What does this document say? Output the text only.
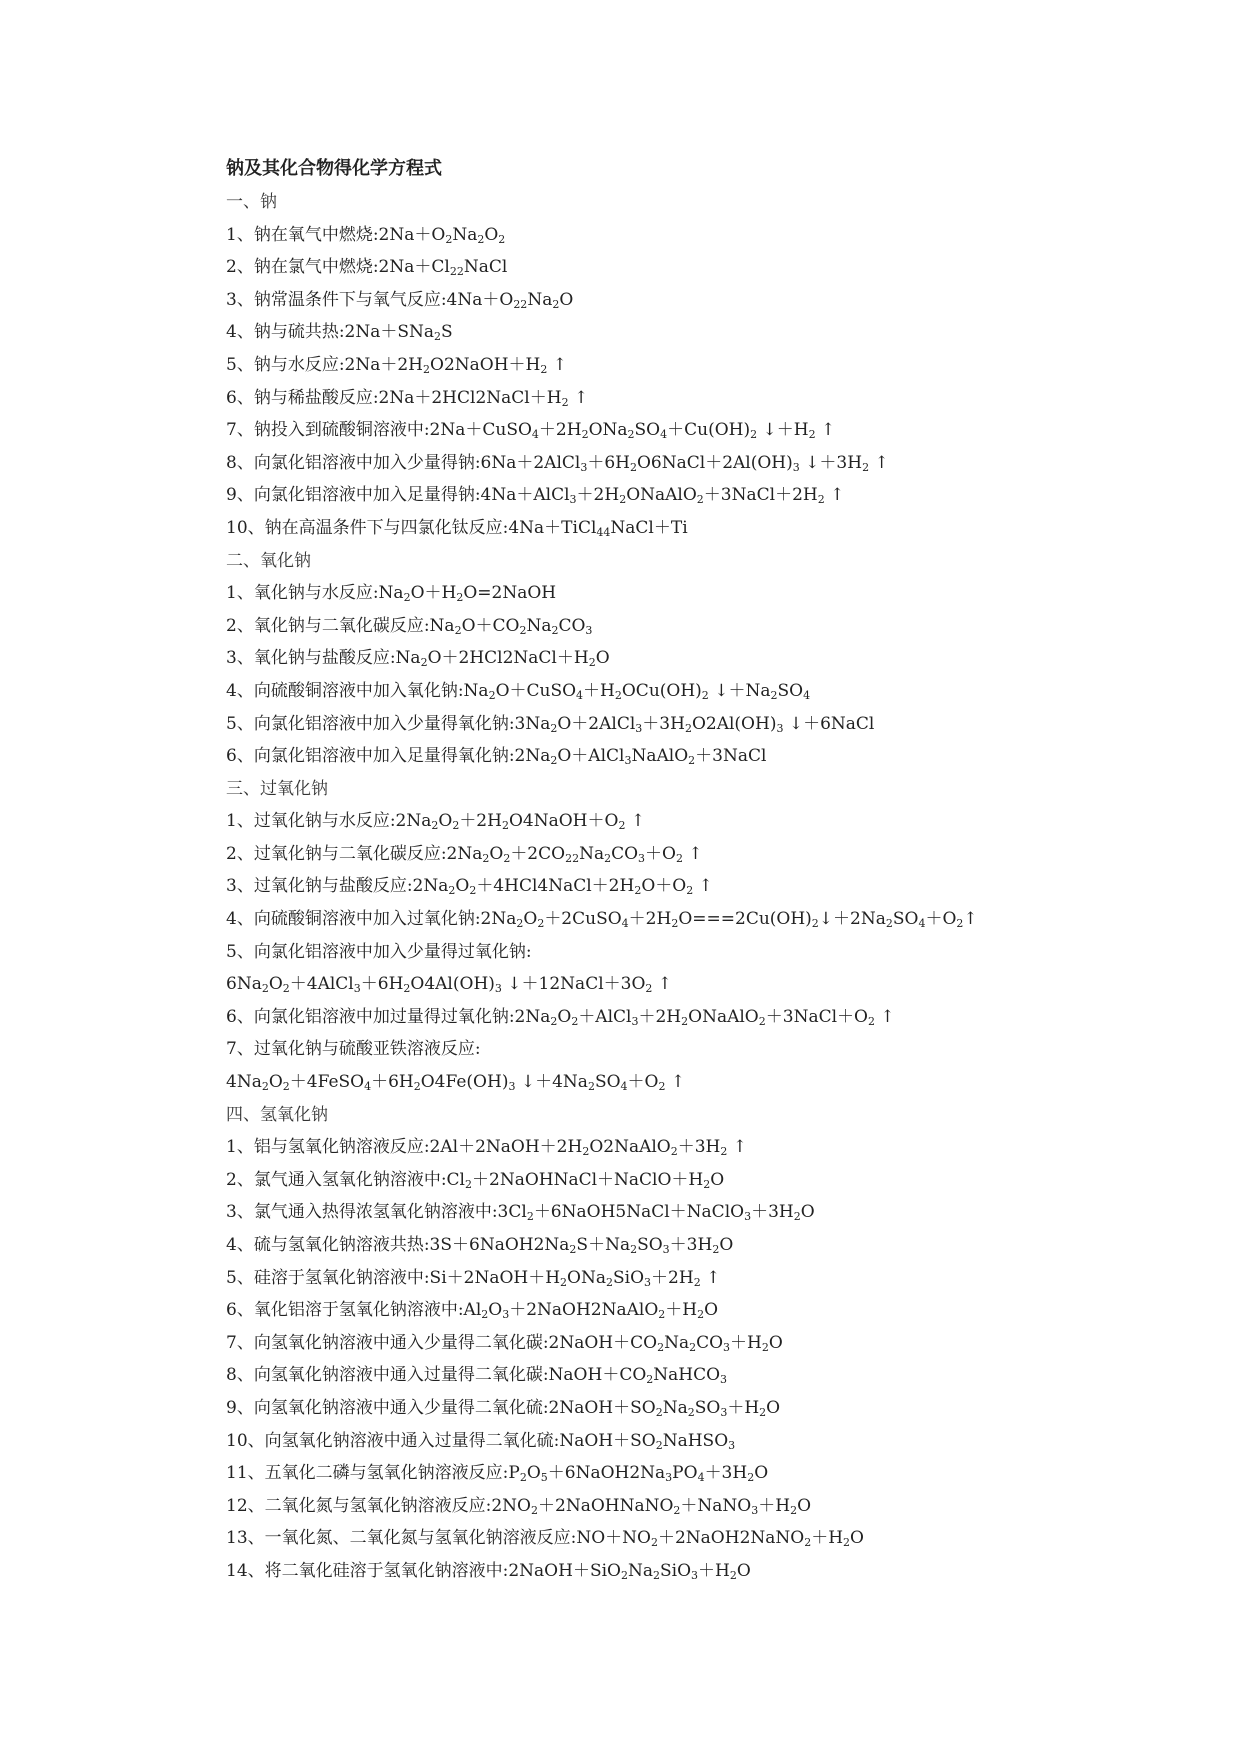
钠及其化合物得化学方程式
一、钠
1、钠在氧气中燃烧$:2Na+O_2Na_2O_2$
2、钠在氯气中燃烧$:2Na+Cl_{22}NaCl$
3、钠常温条件下与氧气反应$:4Na+O_{22}Na_2O$
4、钠与硫共热:2Na＋SNa$_2$S
5、钠与水反应$:2Na+2H_2O2NaOH+H_2$ ↑
6、钠与稀盐酸反应$:2Na+2HCl2NaCl+H_2$ ↑
7、钠投入到硫酸铜溶液中$:2Na+CuSO_4+2H_2ONa_2SO_4+Cu(OH)_2$ $↓+H_2$ ↑
8、向氯化铝溶液中加入少量得钠$:6Na+2AlCl_3+6H_2O6NaCl+2Al(OH)_3$ $↓+3H_2$ ↑
9、向氯化铝溶液中加入足量得钠$:4Na+AlCl_3+2H_2ONaAlO_2+3NaCl+2H_2$ ↑
10、钠在高温条件下与四氯化钛反应:4Na＋TiCl$_{44}$NaCl＋Ti
二、氧化钠
1、氧化钠与水反应$:Na_2O+H_2O=2NaOH$
2、氧化钠与二氧化碳反应$:Na_2O+CO_2Na_2CO_3$
3、氧化钠与盐酸反应$:Na_2O+2HCl2NaCl+H_2O$
4、向硫酸铜溶液中加入氧化钠$:Na_2O+CuSO_4+H_2OCu(OH)_2$ $↓+Na_2SO_4$
5、向氯化铝溶液中加入少量得氧化钠$:3Na_2O+2AlCl_3+3H_2O2Al(OH)_3$ ↓＋6NaCl
6、向氯化铝溶液中加入足量得氧化钠$:2Na_2O+AlCl_3NaAlO_2+3NaCl$
三、过氧化钠
1、过氧化钠与水反应$:2Na_2O_2+2H_2O4NaOH+O_2$ ↑
2、过氧化钠与二氧化碳反应$:2Na_2O_2+2CO_{22}Na_2CO_3+O_2$ ↑
3、过氧化钠与盐酸反应$:2Na_2O_2+4HCl4NaCl+2H_2O+O_2$ ↑
4、向硫酸铜溶液中加入过氧化钠$:2Na_2O_2+2CuSO_4+2H_2O===2Cu(OH)_2↓+2Na_2SO_4+O_2↑$
5、向氯化铝溶液中加入少量得过氧化钠:
$6Na_2O_2+4AlCl_3+6H_2O4Al(OH)_3$ $↓+12NaCl+3O_2$ ↑
6、向氯化铝溶液中加过量得过氧化钠$:2Na_2O_2+AlCl_3+2H_2ONaAlO_2+3NaCl+O_2$ ↑
7、过氧化钠与硫酸亚铁溶液反应:
$4Na_2O_2+4FeSO_4+6H_2O4Fe(OH)_3$ $↓+4Na_2SO_4+O_2$ ↑
四、氢氧化钠
1、铝与氢氧化钠溶液反应$:2Al+2NaOH+2H_2O2NaAlO_2+3H_2$ ↑
2、氯气通入氢氧化钠溶液中$:Cl_2+2NaOHNaCl+NaClO+H_2O$
3、氯气通入热得浓氢氧化钠溶液中$:3Cl_2+6NaOH5NaCl+NaClO_3+3H_2O$
4、硫与氢氧化钠溶液共热$:3S+6NaOH2Na_2S+Na_2SO_3+3H_2O$
5、硅溶于氢氧化钠溶液中$:Si+2NaOH+H_2ONa_2SiO_3+2H_2$ ↑
6、氧化铝溶于氢氧化钠溶液中$:Al_2O_3+2NaOH2NaAlO_2+H_2O$
7、向氢氧化钠溶液中通入少量得二氧化碳$:2NaOH+CO_2Na_2CO_3+H_2O$
8、向氢氧化钠溶液中通入过量得二氧化碳$:NaOH+CO_2NaHCO_3$
9、向氢氧化钠溶液中通入少量得二氧化硫$:2NaOH+SO_2Na_2SO_3+H_2O$
10、向氢氧化钠溶液中通入过量得二氧化硫$:NaOH+SO_2NaHSO_3$
11、五氧化二磷与氢氧化钠溶液反应$:P_2O_5+6NaOH2Na_3PO_4+3H_2O$
12、二氧化氮与氢氧化钠溶液反应$:2NO_2+2NaOHNaNO_2+NaNO_3+H_2O$
13、一氧化氮、二氧化氮与氢氧化钠溶液反应$:NO+NO_2+2NaOH2NaNO_2+H_2O$
14、将二氧化硅溶于氢氧化钠溶液中$:2NaOH+SiO_2Na_2SiO_3+H_2O$
